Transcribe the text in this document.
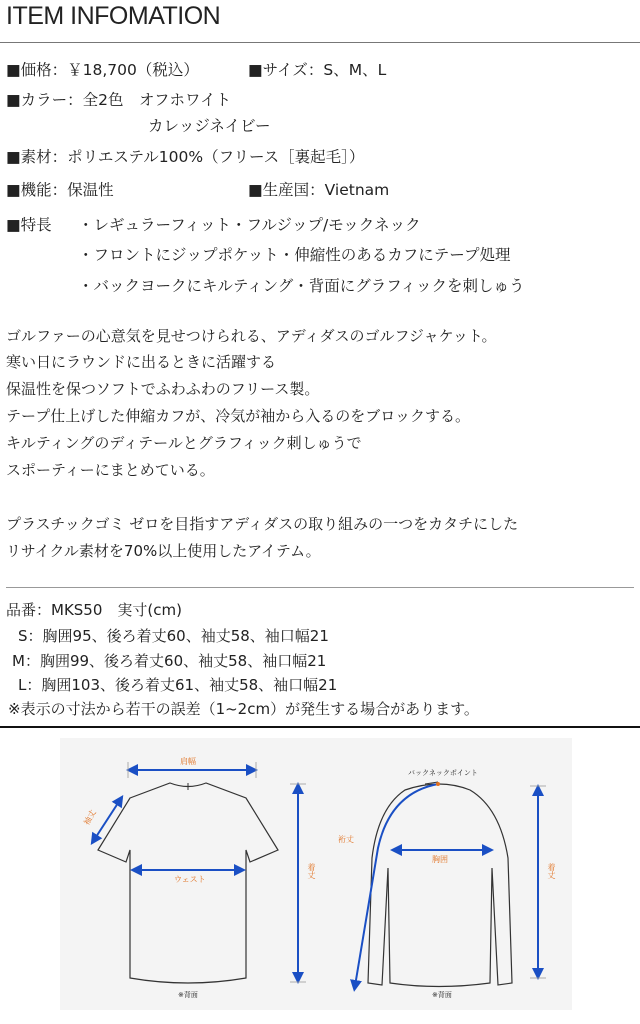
ITEM INFOMATION
■価格：￥18,700（税込）	■サイズ：S、M、L
■カラー：全2色　オフホワイト
カレッジネイビー
■素材：ポリエステル100%（フリース［裏起毛］）
■機能：保温性	■生産国：Vietnam
■特長 ・レギュラーフィット・フルジップ/モックネック
・フロントにジップポケット・伸縮性のあるカフにテープ処理
・バックヨークにキルティング・背面にグラフィックを刺しゅう
ゴルファーの心意気を見せつけられる、アディダスのゴルフジャケット。
寒い日にラウンドに出るときに活躍する
保温性を保つソフトでふわふわのフリース製。
テープ仕上げした伸縮カフが、冷気が袖から入るのをブロックする。
キルティングのディテールとグラフィック刺しゅうで
スポーティーにまとめている。
プラスチックゴミ ゼロを目指すアディダスの取り組みの一つをカタチにした
リサイクル素材を70%以上使用したアイテム。
品番：MKS50　実寸(cm)
S：胸囲95、後ろ着丈60、袖丈58、袖口幅21
M：胸囲99、後ろ着丈60、袖丈58、袖口幅21
L：胸囲103、後ろ着丈61、袖丈58、袖口幅21
※表示の寸法から若干の誤差（1~2cm）が発生する場合があります。
肩幅
袖丈
ウェスト
着丈
※背面
バックネックポイント
裄丈
胸囲
着丈
※背面
